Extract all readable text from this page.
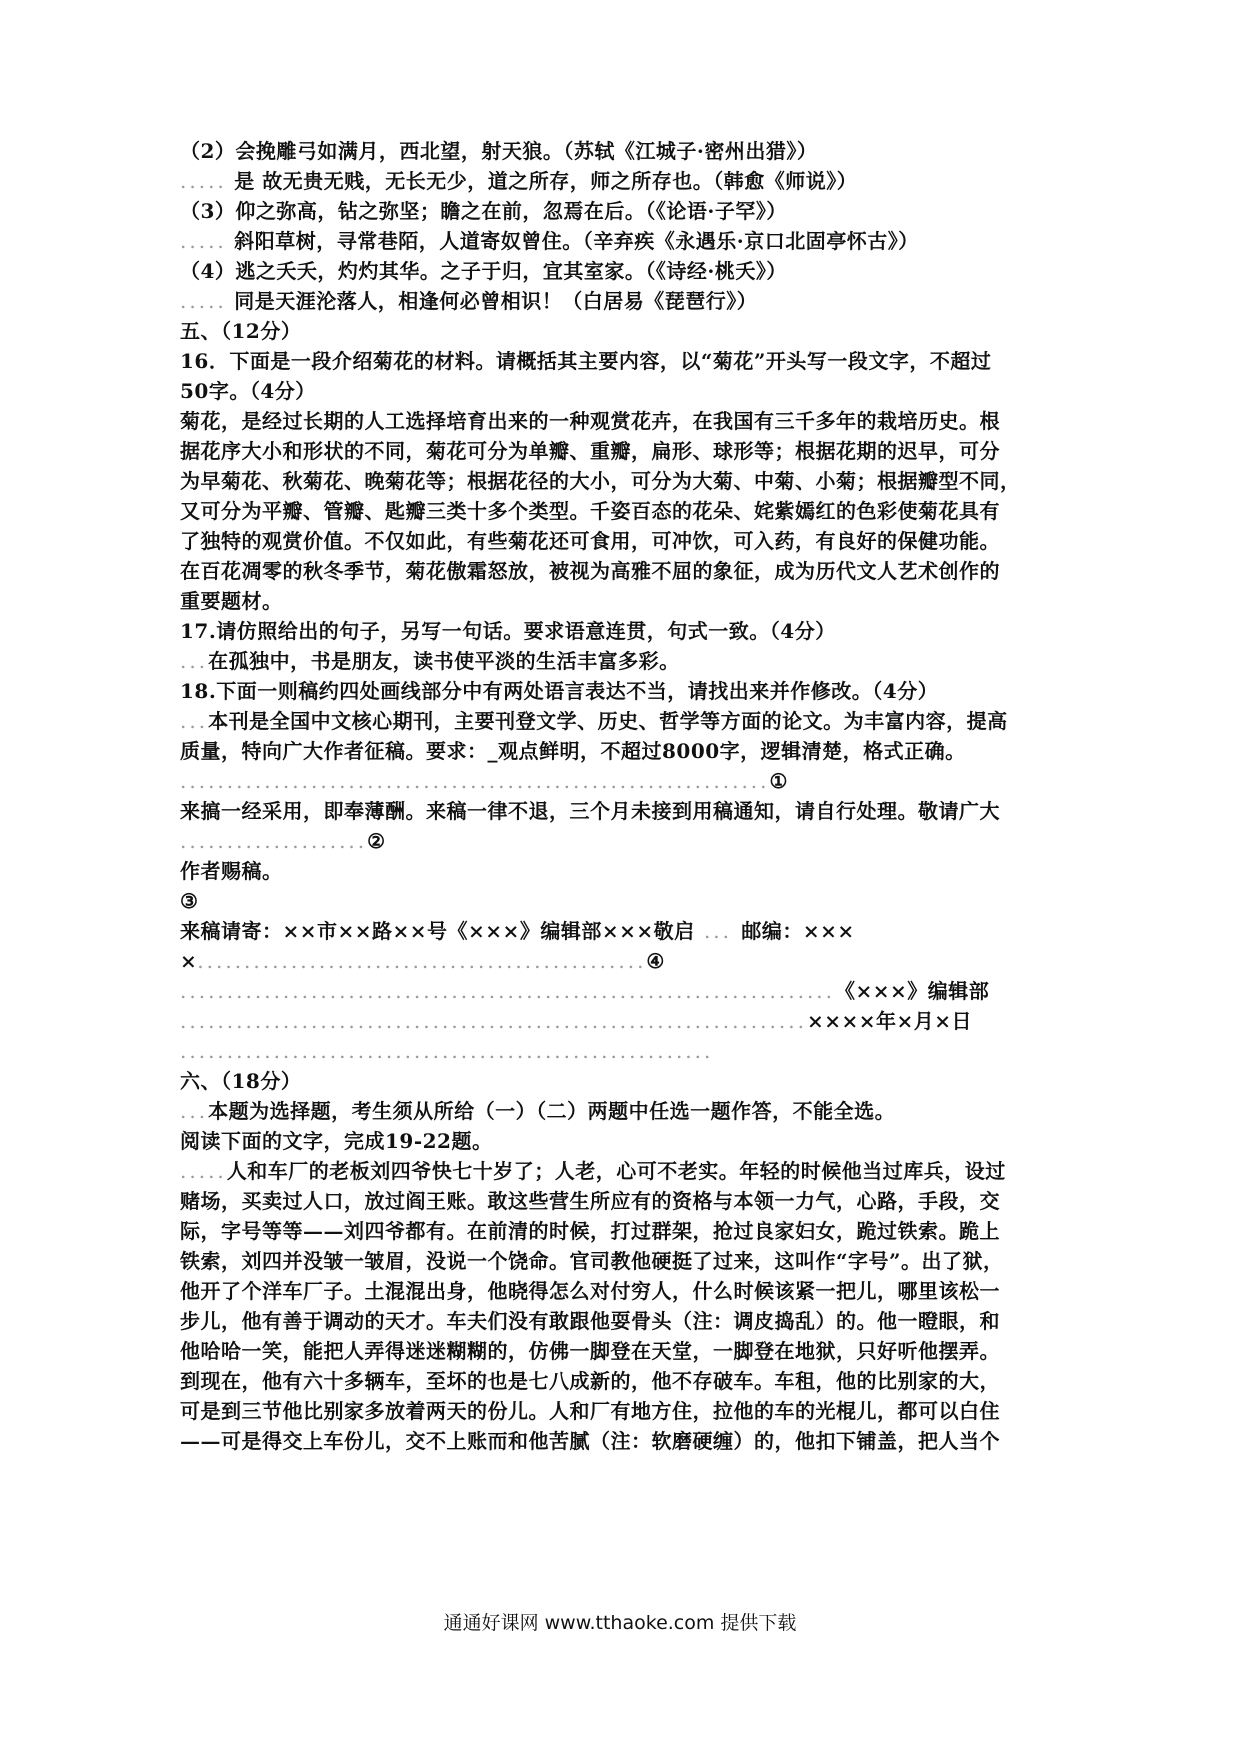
（2）会挽雕弓如满月，西北望，射天狼。（苏轼《江城子·密州出猎》）
..... 是 故无贵无贱，无长无少，道之所存，师之所存也。（韩愈《师说》）
（3）仰之弥高，钻之弥坚；瞻之在前，忽焉在后。（《论语·子罕》）
..... 斜阳草树，寻常巷陌，人道寄奴曾住。（辛弃疾《永遇乐·京口北固亭怀古》）
（4）逃之夭夭，灼灼其华。之子于归，宜其室家。（《诗经·桃夭》）
..... 同是天涯沦落人，相逢何必曾相识！（白居易《琵琶行》）
五、（12分）
16．下面是一段介绍菊花的材料。请概括其主要内容，以“菊花”开头写一段文字，不超过
50字。（4分）
菊花，是经过长期的人工选择培育出来的一种观赏花卉，在我国有三千多年的栽培历史。根
据花序大小和形状的不同，菊花可分为单瓣、重瓣，扁形、球形等；根据花期的迟早，可分
为早菊花、秋菊花、晚菊花等；根据花径的大小，可分为大菊、中菊、小菊；根据瓣型不同，
又可分为平瓣、管瓣、匙瓣三类十多个类型。千姿百态的花朵、姹紫嫣红的色彩使菊花具有
了独特的观赏价值。不仅如此，有些菊花还可食用，可冲饮，可入药，有良好的保健功能。
在百花凋零的秋冬季节，菊花傲霜怒放，被视为高雅不屈的象征，成为历代文人艺术创作的
重要题材。
17.请仿照给出的句子，另写一句话。要求语意连贯，句式一致。（4分）
...在孤独中，书是朋友，读书使平淡的生活丰富多彩。
18.下面一则稿约四处画线部分中有两处语言表达不当，请找出来并作修改。（4分）
...本刊是全国中文核心期刊，主要刊登文学、历史、哲学等方面的论文。为丰富内容，提高
质量，特向广大作者征稿。要求：_观点鲜明，不超过8000字，逻辑清楚，格式正确。
...............................................................①
来搞一经采用，即奉薄酬。来稿一律不退，三个月未接到用稿通知，请自行处理。敬请广大
....................②
作者赐稿。
③
来稿请寄：××市××路××号《×××》编辑部×××敬启 ... 邮编：×××
×................................................④
......................................................................《×××》编辑部
...................................................................××××年×月×日
.........................................................
六、（18分）
...本题为选择题，考生须从所给（一）（二）两题中任选一题作答，不能全选。
阅读下面的文字，完成19-22题。
.....人和车厂的老板刘四爷快七十岁了；人老，心可不老实。年轻的时候他当过库兵，设过
赌场，买卖过人口，放过阎王账。敢这些营生所应有的资格与本领一力气，心路，手段，交
际，字号等等——刘四爷都有。在前清的时候，打过群架，抢过良家妇女，跪过铁索。跪上
铁索，刘四并没皱一皱眉，没说一个饶命。官司教他硬挺了过来，这叫作“字号”。出了狱，
他开了个洋车厂子。土混混出身，他晓得怎么对付穷人，什么时候该紧一把儿，哪里该松一
步儿，他有善于调动的天才。车夫们没有敢跟他耍骨头（注：调皮捣乱）的。他一瞪眼，和
他哈哈一笑，能把人弄得迷迷糊糊的，仿佛一脚登在天堂，一脚登在地狱，只好听他摆弄。
到现在，他有六十多辆车，至坏的也是七八成新的，他不存破车。车租，他的比别家的大，
可是到三节他比别家多放着两天的份儿。人和厂有地方住，拉他的车的光棍儿，都可以白住
——可是得交上车份儿，交不上账而和他苦腻（注：软磨硬缠）的，他扣下铺盖，把人当个
通通好课网 www.tthaoke.com 提供下载
